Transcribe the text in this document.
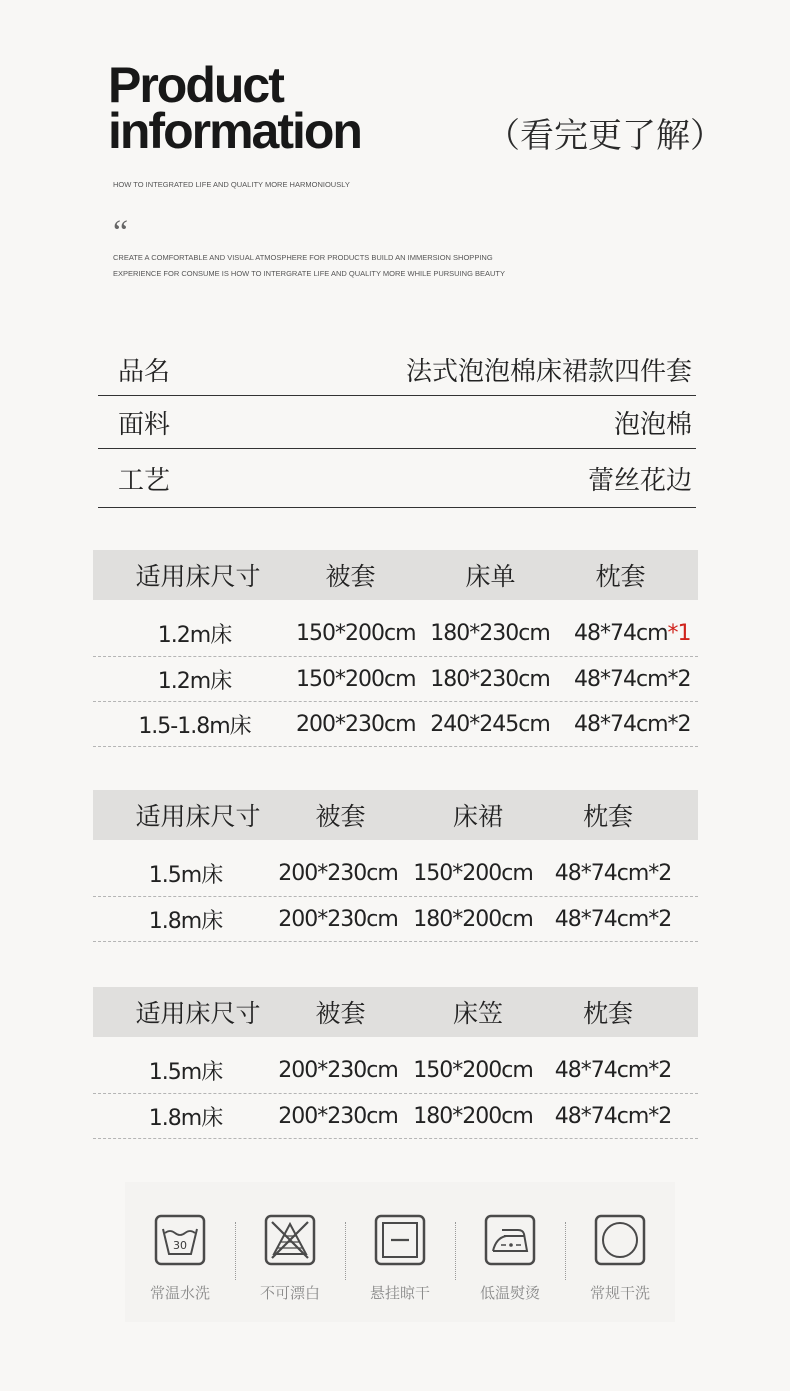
Product
information	（看完更了解）
HOW TO INTEGRATED LIFE AND QUALITY MORE HARMONIOUSLY
“
CREATE A COMFORTABLE AND VISUAL ATMOSPHERE FOR PRODUCTS BUILD AN IMMERSION SHOPPING EXPERIENCE FOR CONSUME IS HOW TO INTERGRATE LIFE AND QUALITY MORE WHILE PURSUING BEAUTY
品名	法式泡泡棉床裙款四件套
面料	泡泡棉
工艺	蕾丝花边
适用床尺寸	被套	床单	枕套
1.2m床	150*200cm 180*230cm	48*74cm*1
1.2m床	150*200cm 180*230cm	48*74cm*2
1.5-1.8m床	200*230cm 240*245cm	48*74cm*2
适用床尺寸	被套	床裙	枕套
1.5m床	200*230cm 150*200cm 48*74cm*2
1.8m床	200*230cm 180*200cm 48*74cm*2
适用床尺寸	被套	床笠	枕套
1.5m床	200*230cm 150*200cm 48*74cm*2
1.8m床	200*230cm 180*200cm 48*74cm*2
30
常温水洗	不可漂白	悬挂晾干	低温熨烫	常规干洗
